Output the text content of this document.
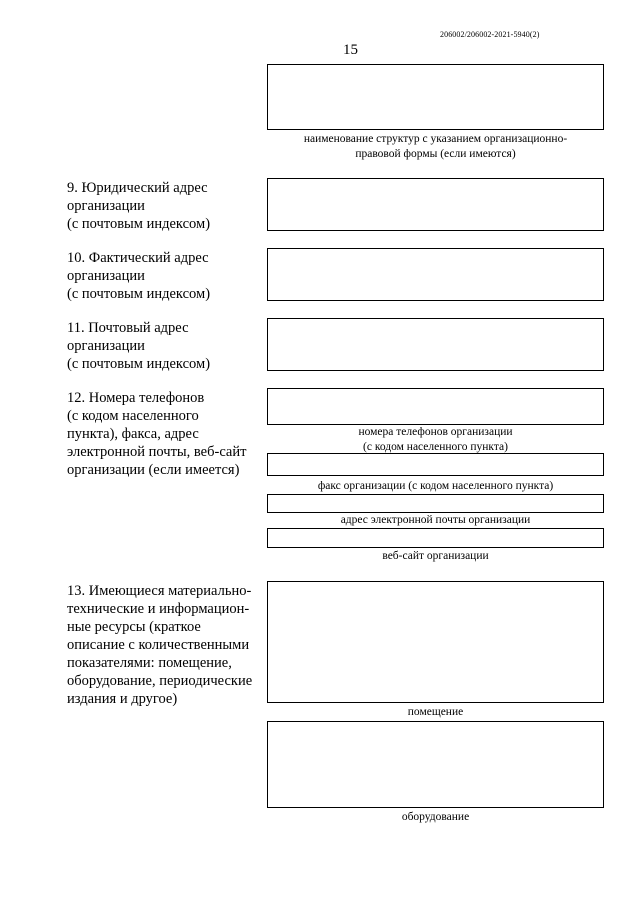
206002/206002-2021-5940(2)
15
наименование структур с указанием организационно-
правовой формы (если имеются)
9. Юридический адрес
организации
(с почтовым индексом)
10. Фактический адрес
организации
(с почтовым индексом)
11. Почтовый адрес
организации
(с почтовым индексом)
12. Номера телефонов
(с кодом населенного
пункта), факса, адрес
электронной почты, веб-сайт
организации (если имеется)
номера телефонов организации
(с кодом населенного пункта)
факс организации (с кодом населенного пункта)
адрес электронной почты организации
веб-сайт организации
13. Имеющиеся материально-
технические и информацион-
ные ресурсы (краткое
описание с количественными
показателями: помещение,
оборудование, периодические
издания и другое)
помещение
оборудование
